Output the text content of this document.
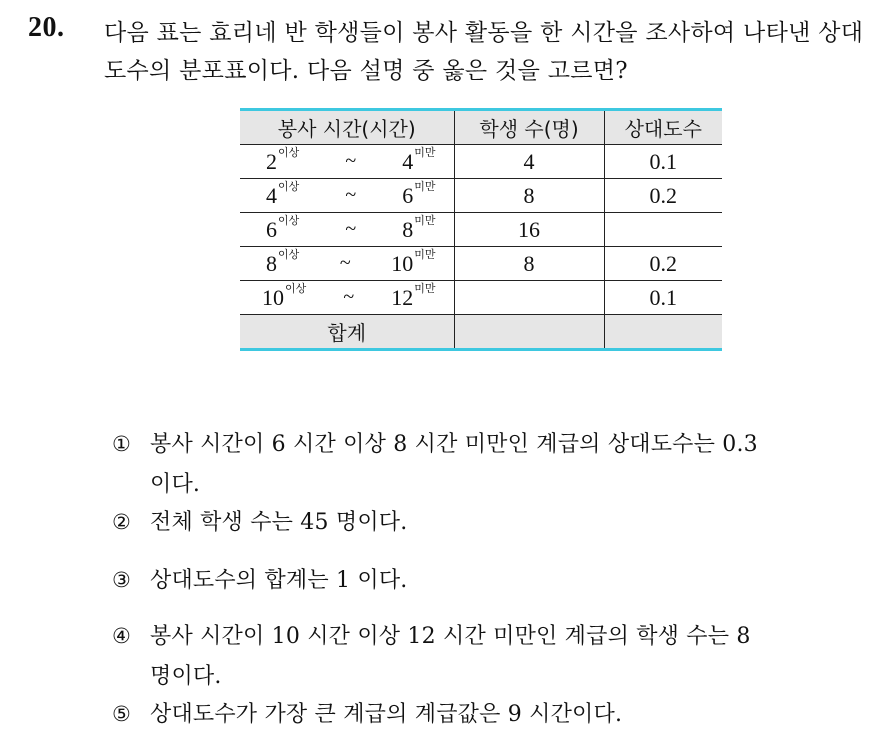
20. 다음 표는 효리네 반 학생들이 봉사 활동을 한 시간을 조사하여 나타낸 상대도수의 분포표이다. 다음 설명 중 옳은 것을 고르면?
봉사 시간(시간)	학생 수(명)	상대도수

$2^{이상}$ ~ $4^{미만}$	4	0.1

$4^{이상}$ ~ $6^{미만}$	8	0.2

$6^{이상}$ ~ $8^{미만}$	16	

$8^{이상}$ ~ $10^{미만}$	8	0.2

$10^{이상}$ ~ $12^{미만}$		0.1
합계		
① 봉사 시간이 6 시간 이상 8 시간 미만인 계급의 상대도수는 0.3
이다.
② 전체 학생 수는 45 명이다.
③ 상대도수의 합계는 1 이다.
④ 봉사 시간이 10 시간 이상 12 시간 미만인 계급의 학생 수는 8
명이다.
⑤ 상대도수가 가장 큰 계급의 계급값은 9 시간이다.
